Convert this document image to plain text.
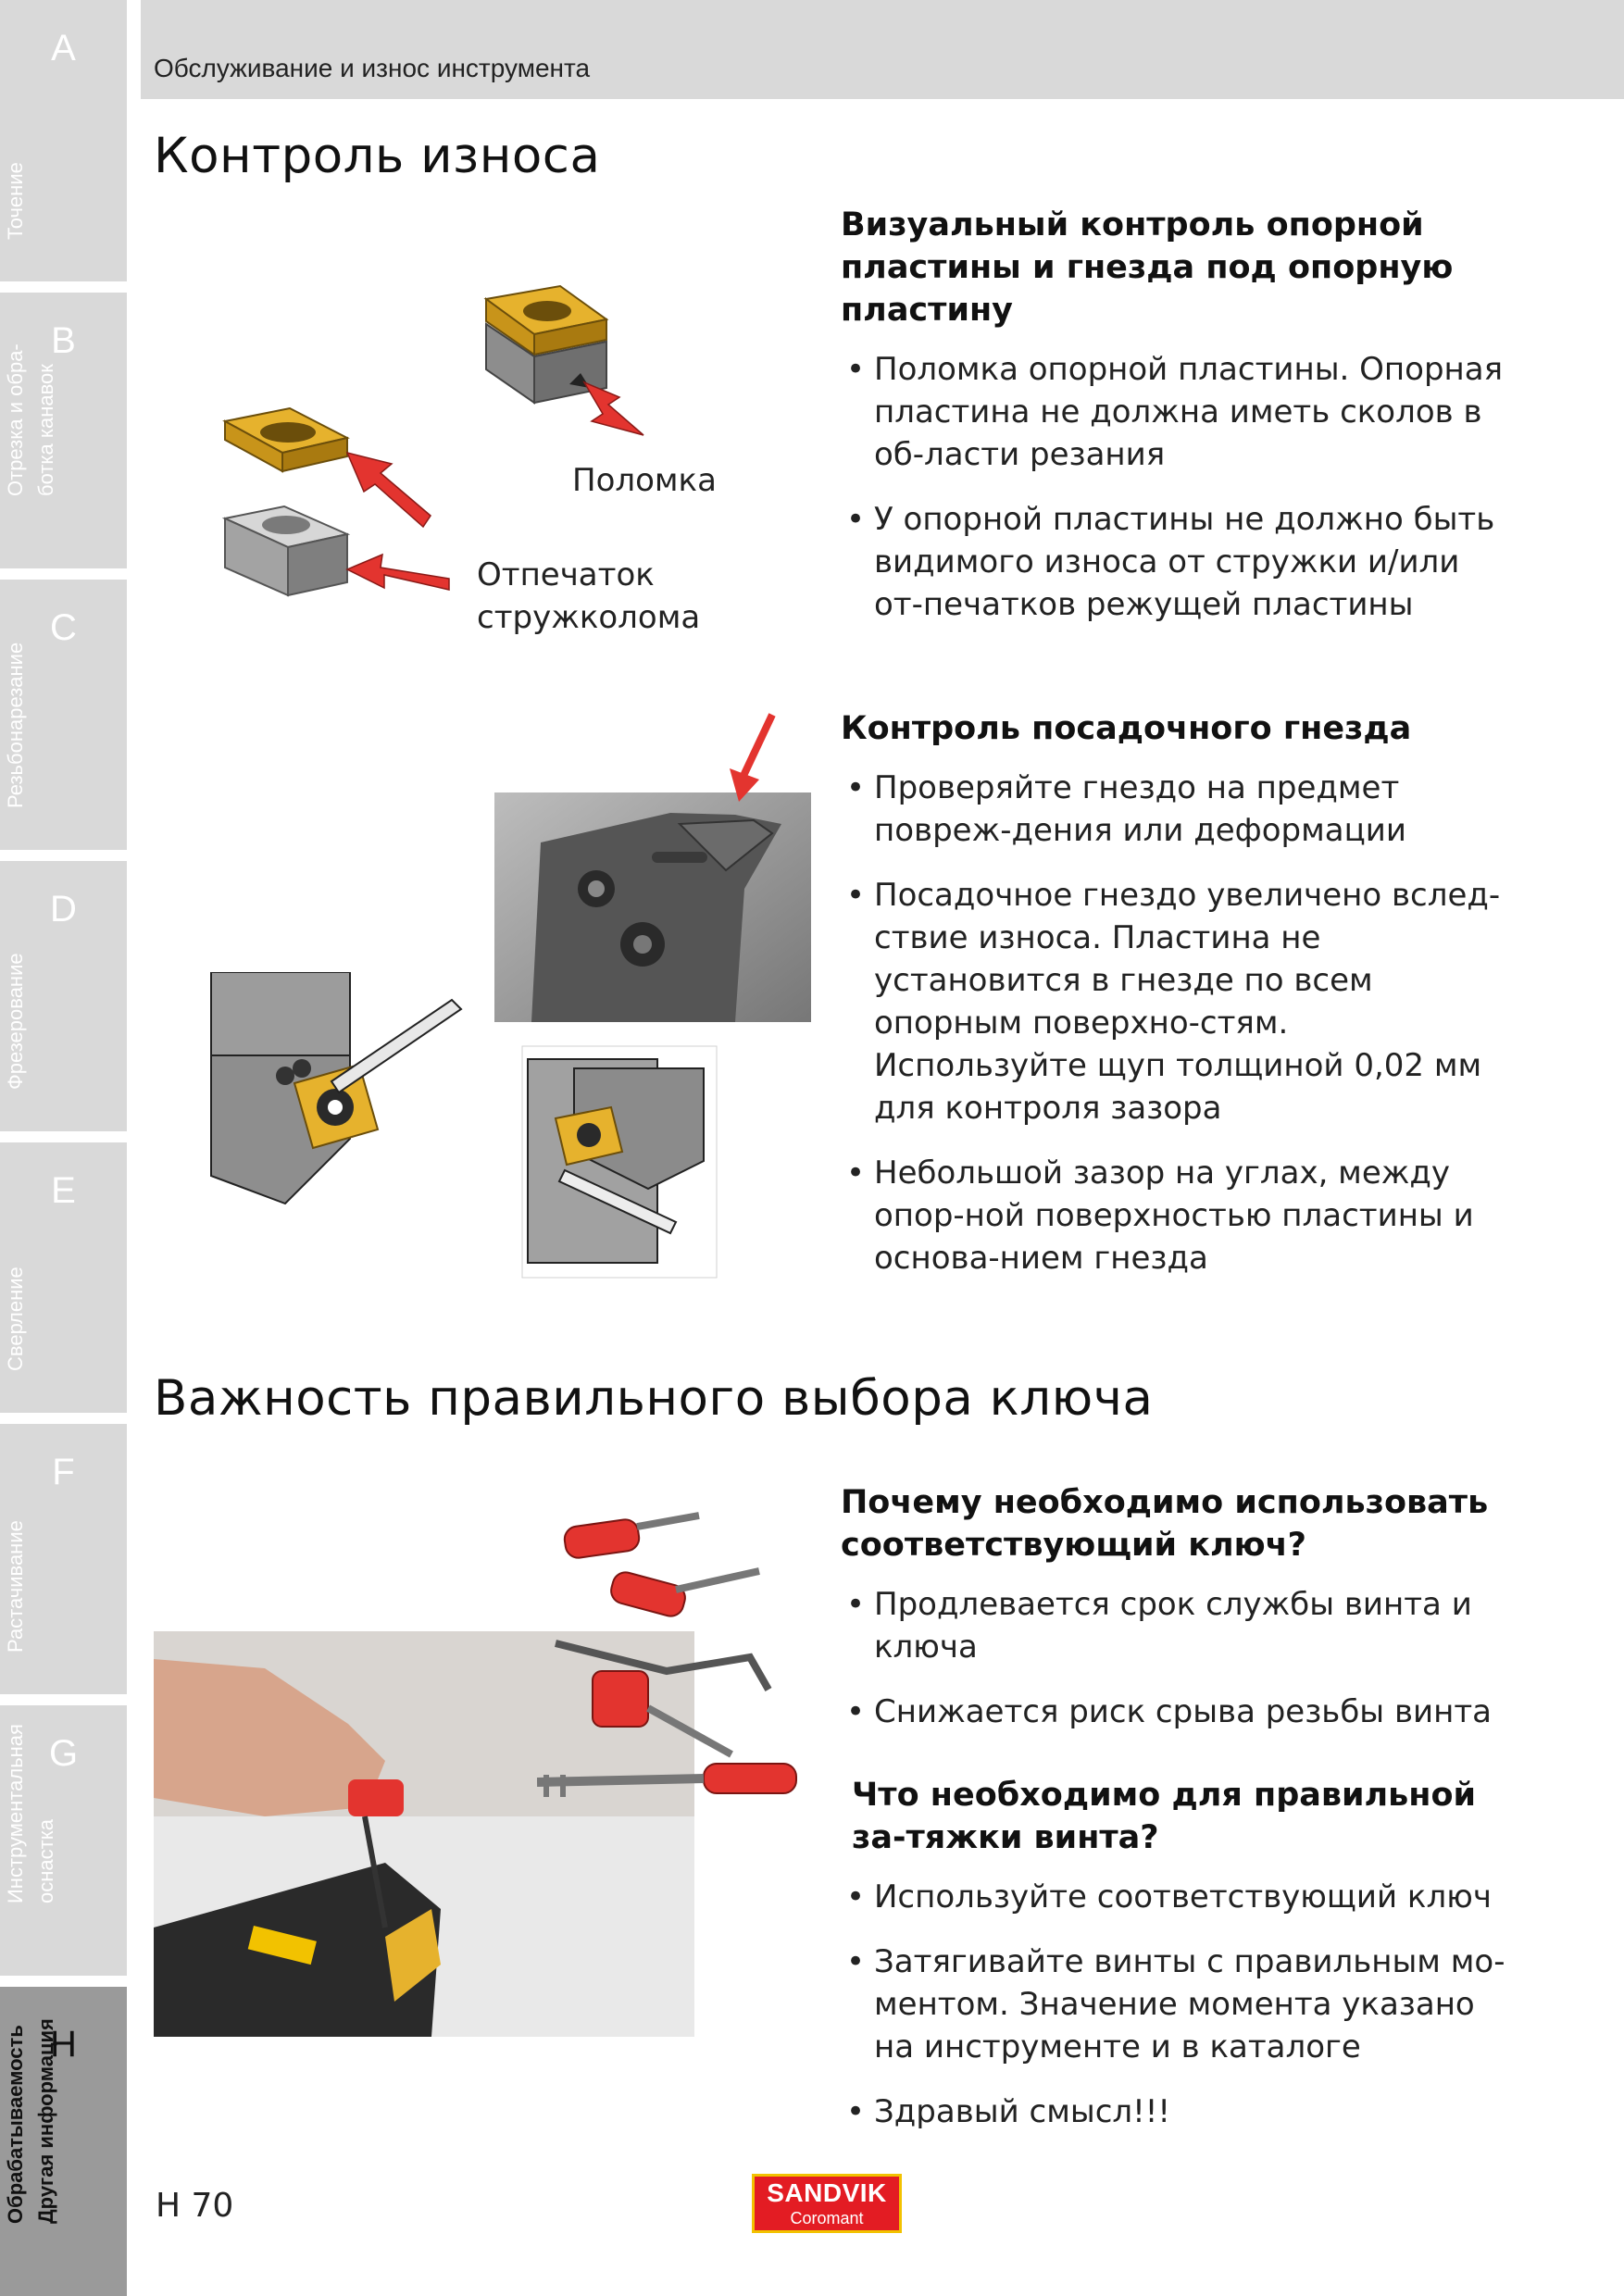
A
Точение
B
Отрезка и обра-
ботка канавок
C
Резьбонарезание
D
Фрезерование
E
Сверление
F
Растачивание
G
Инструментальная
оснастка
H
Обрабатываемость
Другая информация
Обслуживание и износ инструмента
Контроль износа
Поломка
Отпечаток
стружколома
Визуальный контроль опорной пластины и гнезда под опорную пластину
• Поломка опорной пластины. Опорная пластина не должна иметь сколов в об-ласти резания
• У опорной пластины не должно быть видимого износа от стружки и/или от-печатков режущей пластины
Контроль посадочного гнезда
• Проверяйте гнездо на предмет повреж-дения или деформации
• Посадочное гнездо увеличено вслед-ствие износа. Пластина не установится в гнезде по всем опорным поверхно-стям. Используйте щуп толщиной 0,02 мм для контроля зазора
• Небольшой зазор на углах, между опор-ной поверхностью пластины и основа-нием гнезда
Важность правильного выбора ключа
Почему необходимо использовать соответствующий ключ?
• Продлевается срок службы винта и ключа
• Снижается риск срыва резьбы винта
Что необходимо для правильной за-тяжки винта?
• Используйте соответствующий ключ
• Затягивайте винты с правильным мо-ментом. Значение момента указано на инструменте и в каталоге
• Здравый смысл!!!
H 70	SANDVIK
Coromant
